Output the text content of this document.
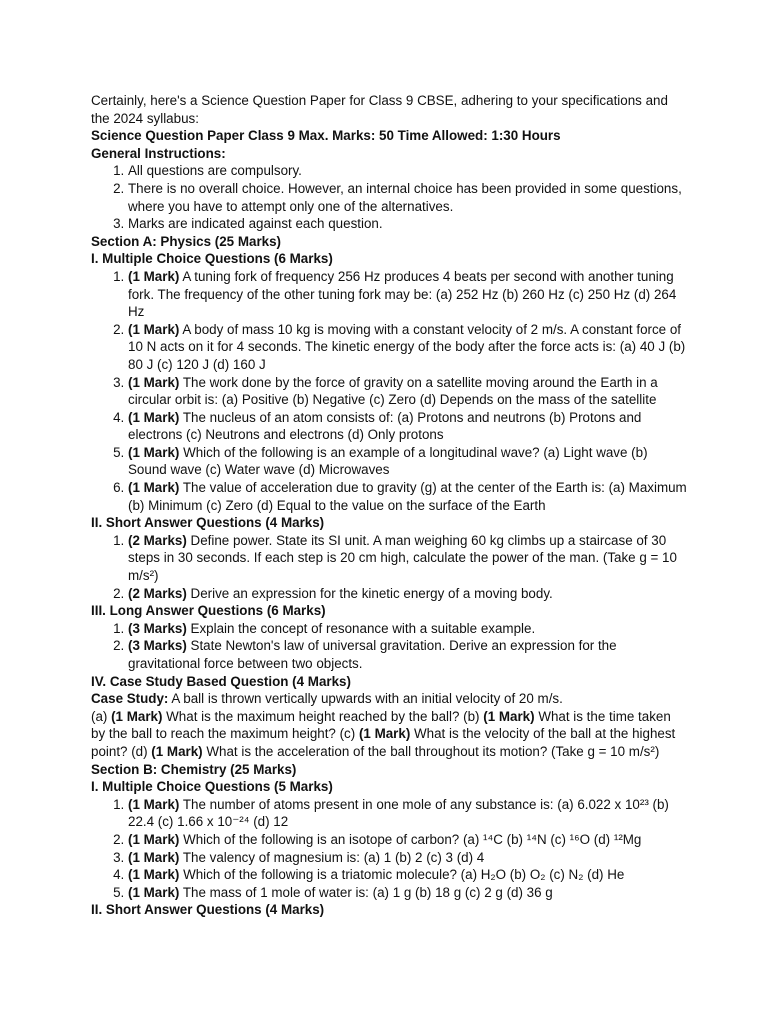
Certainly, here's a Science Question Paper for Class 9 CBSE, adhering to your specifications and the 2024 syllabus:

Science Question Paper Class 9 Max. Marks: 50 Time Allowed: 1:30 Hours

General Instructions:

1. All questions are compulsory.
2. There is no overall choice. However, an internal choice has been provided in some questions, where you have to attempt only one of the alternatives.
3. Marks are indicated against each question.

Section A: Physics (25 Marks)

I. Multiple Choice Questions (6 Marks)

1. (1 Mark) A tuning fork of frequency 256 Hz produces 4 beats per second with another tuning fork. The frequency of the other tuning fork may be: (a) 252 Hz (b) 260 Hz (c) 250 Hz (d) 264 Hz
2. (1 Mark) A body of mass 10 kg is moving with a constant velocity of 2 m/s. A constant force of 10 N acts on it for 4 seconds. The kinetic energy of the body after the force acts is: (a) 40 J (b) 80 J (c) 120 J (d) 160 J
3. (1 Mark) The work done by the force of gravity on a satellite moving around the Earth in a circular orbit is: (a) Positive (b) Negative (c) Zero (d) Depends on the mass of the satellite
4. (1 Mark) The nucleus of an atom consists of: (a) Protons and neutrons (b) Protons and electrons (c) Neutrons and electrons (d) Only protons
5. (1 Mark) Which of the following is an example of a longitudinal wave? (a) Light wave (b) Sound wave (c) Water wave (d) Microwaves
6. (1 Mark) The value of acceleration due to gravity (g) at the center of the Earth is: (a) Maximum (b) Minimum (c) Zero (d) Equal to the value on the surface of the Earth

II. Short Answer Questions (4 Marks)

1. (2 Marks) Define power. State its SI unit. A man weighing 60 kg climbs up a staircase of 30 steps in 30 seconds. If each step is 20 cm high, calculate the power of the man. (Take g = 10 m/s²)
2. (2 Marks) Derive an expression for the kinetic energy of a moving body.

III. Long Answer Questions (6 Marks)

1. (3 Marks) Explain the concept of resonance with a suitable example.
2. (3 Marks) State Newton's law of universal gravitation. Derive an expression for the gravitational force between two objects.

IV. Case Study Based Question (4 Marks)

Case Study: A ball is thrown vertically upwards with an initial velocity of 20 m/s.

(a) (1 Mark) What is the maximum height reached by the ball? (b) (1 Mark) What is the time taken by the ball to reach the maximum height? (c) (1 Mark) What is the velocity of the ball at the highest point? (d) (1 Mark) What is the acceleration of the ball throughout its motion? (Take g = 10 m/s²)

Section B: Chemistry (25 Marks)

I. Multiple Choice Questions (5 Marks)

1. (1 Mark) The number of atoms present in one mole of any substance is: (a) 6.022 x 10²³ (b) 22.4 (c) 1.66 x 10⁻²⁴ (d) 12
2. (1 Mark) Which of the following is an isotope of carbon? (a) ¹⁴C (b) ¹⁴N (c) ¹⁶O (d) ¹²Mg
3. (1 Mark) The valency of magnesium is: (a) 1 (b) 2 (c) 3 (d) 4
4. (1 Mark) Which of the following is a triatomic molecule? (a) H₂O (b) O₂ (c) N₂ (d) He
5. (1 Mark) The mass of 1 mole of water is: (a) 1 g (b) 18 g (c) 2 g (d) 36 g

II. Short Answer Questions (4 Marks)
